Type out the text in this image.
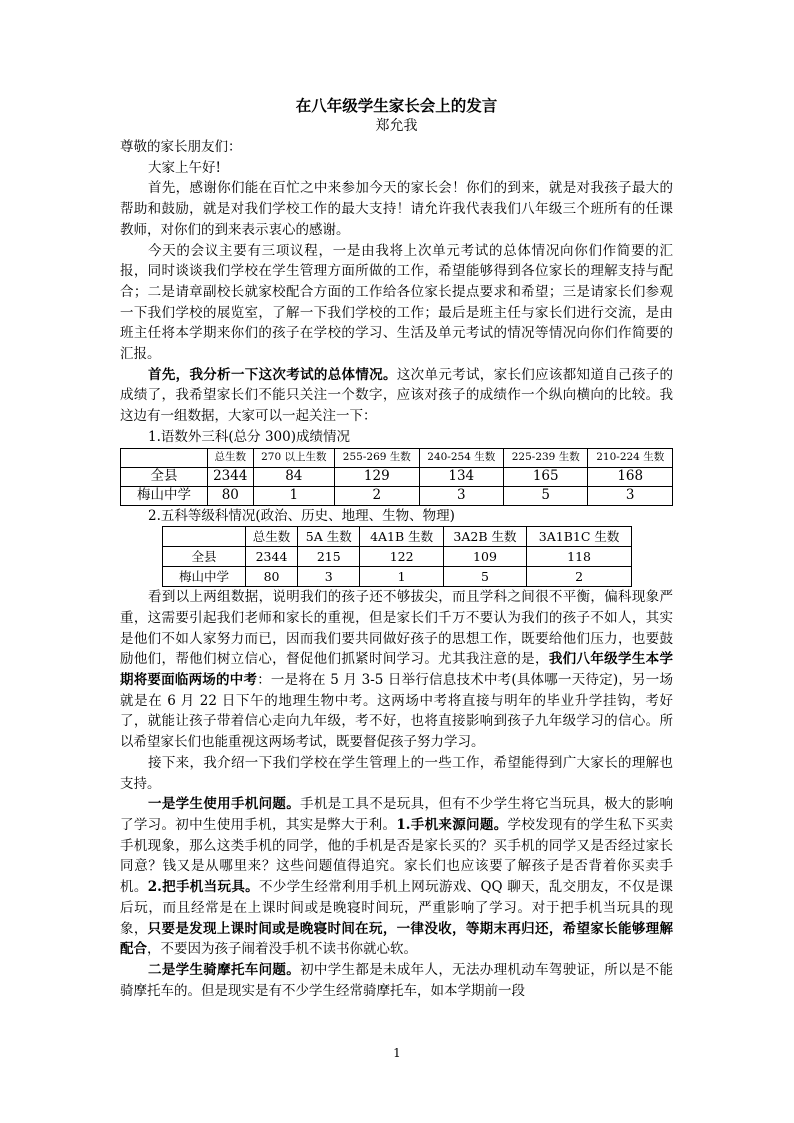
在八年级学生家长会上的发言
郑允我

尊敬的家长朋友们：

大家上午好!

首先，感谢你们能在百忙之中来参加今天的家长会！你们的到来，就是对我孩子最大的帮助和鼓励，就是对我们学校工作的最大支持！请允许我代表我们八年级三个班所有的任课教师，对你们的到来表示衷心的感谢。

今天的会议主要有三项议程，一是由我将上次单元考试的总体情况向你们作简要的汇报，同时谈谈我们学校在学生管理方面所做的工作，希望能够得到各位家长的理解支持与配合；二是请章副校长就家校配合方面的工作给各位家长提点要求和希望；三是请家长们参观一下我们学校的展览室，了解一下我们学校的工作；最后是班主任与家长们进行交流，是由班主任将本学期来你们的孩子在学校的学习、生活及单元考试的情况等情况向你们作简要的汇报。

首先，我分析一下这次考试的总体情况。这次单元考试，家长们应该都知道自己孩子的成绩了，我希望家长们不能只关注一个数字，应该对孩子的成绩作一个纵向横向的比较。我这边有一组数据，大家可以一起关注一下：

1.语数外三科(总分 300)成绩情况
	总生数	270 以上生数	255-269 生数	240-254 生数	225-239 生数	210-224 生数
全县	2344	84	129	134	165	168
梅山中学	80	1	2	3	5	3
2.五科等级科情况(政治、历史、地理、生物、物理)
	总生数	5A 生数	4A1B 生数	3A2B 生数	3A1B1C 生数
全县	2344	215	122	109	118
梅山中学	80	3	1	5	2

看到以上两组数据，说明我们的孩子还不够拔尖，而且学科之间很不平衡，偏科现象严重，这需要引起我们老师和家长的重视，但是家长们千万不要认为我们的孩子不如人，其实是他们不如人家努力而已，因而我们要共同做好孩子的思想工作，既要给他们压力，也要鼓励他们，帮他们树立信心，督促他们抓紧时间学习。尤其我注意的是，我们八年级学生本学期将要面临两场的中考：一是将在 5 月 3-5 日举行信息技术中考(具体哪一天待定)，另一场就是在 6 月 22 日下午的地理生物中考。这两场中考将直接与明年的毕业升学挂钩，考好了，就能让孩子带着信心走向九年级，考不好，也将直接影响到孩子九年级学习的信心。所以希望家长们也能重视这两场考试，既要督促孩子努力学习。

接下来，我介绍一下我们学校在学生管理上的一些工作，希望能得到广大家长的理解也支持。

一是学生使用手机问题。手机是工具不是玩具，但有不少学生将它当玩具，极大的影响了学习。初中生使用手机，其实是弊大于利。1.手机来源问题。学校发现有的学生私下买卖手机现象，那么这类手机的同学，他的手机是否是家长买的？买手机的同学又是否经过家长同意？钱又是从哪里来？这些问题值得追究。家长们也应该要了解孩子是否背着你买卖手机。2.把手机当玩具。不少学生经常利用手机上网玩游戏、QQ 聊天，乱交朋友，不仅是课后玩，而且经常是在上课时间或是晚寝时间玩，严重影响了学习。对于把手机当玩具的现象，只要是发现上课时间或是晚寝时间在玩，一律没收，等期末再归还，希望家长能够理解配合，不要因为孩子闹着没手机不读书你就心软。

二是学生骑摩托车问题。初中学生都是未成年人，无法办理机动车驾驶证，所以是不能骑摩托车的。但是现实是有不少学生经常骑摩托车，如本学期前一段

1
